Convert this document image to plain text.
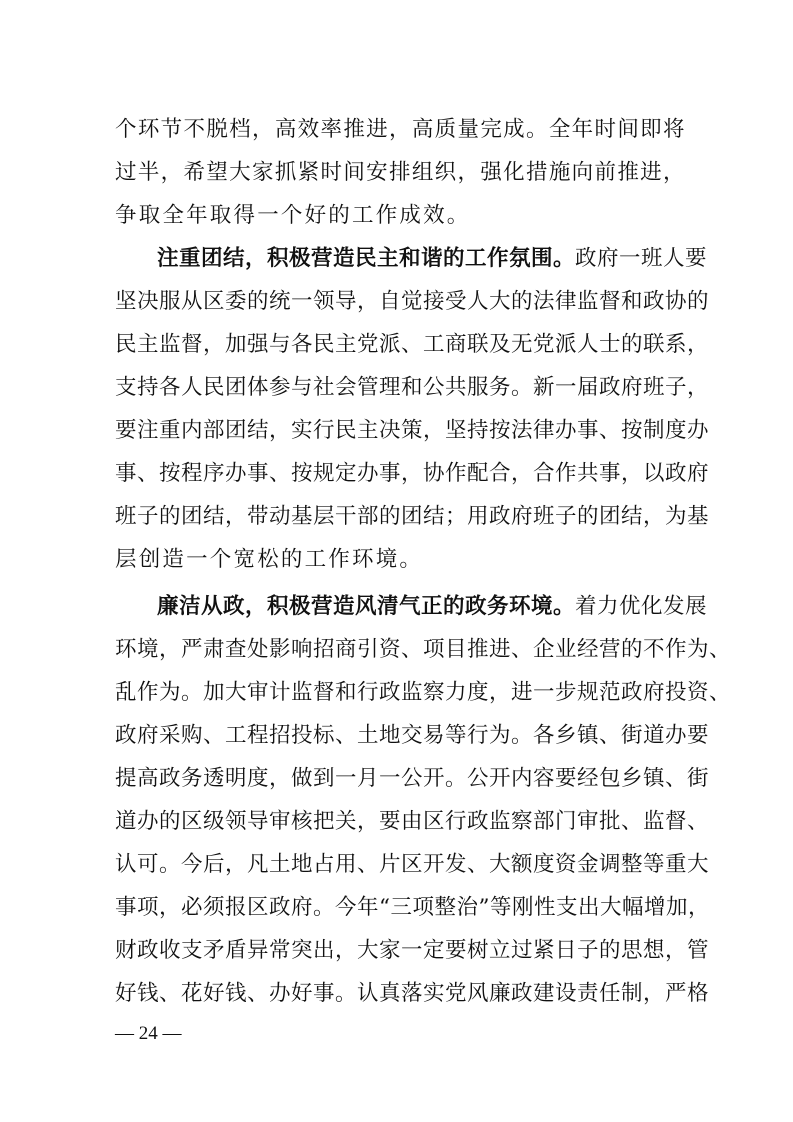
个环节不脱档，高效率推进，高质量完成。全年时间即将
过半，希望大家抓紧时间安排组织，强化措施向前推进，
争取全年取得一个好的工作成效。
注重团结，积极营造民主和谐的工作氛围。政府一班人要
坚决服从区委的统一领导，自觉接受人大的法律监督和政协的
民主监督，加强与各民主党派、工商联及无党派人士的联系，
支持各人民团体参与社会管理和公共服务。新一届政府班子，
要注重内部团结，实行民主决策，坚持按法律办事、按制度办
事、按程序办事、按规定办事，协作配合，合作共事，以政府
班子的团结，带动基层干部的团结；用政府班子的团结，为基
层创造一个宽松的工作环境。
廉洁从政，积极营造风清气正的政务环境。着力优化发展
环境，严肃查处影响招商引资、项目推进、企业经营的不作为、
乱作为。加大审计监督和行政监察力度，进一步规范政府投资、
政府采购、工程招投标、土地交易等行为。各乡镇、街道办要
提高政务透明度，做到一月一公开。公开内容要经包乡镇、街
道办的区级领导审核把关，要由区行政监察部门审批、监督、
认可。今后，凡土地占用、片区开发、大额度资金调整等重大
事项，必须报区政府。今年“三项整治”等刚性支出大幅增加，
财政收支矛盾异常突出，大家一定要树立过紧日子的思想，管
好钱、花好钱、办好事。认真落实党风廉政建设责任制，严格
— 24 —
